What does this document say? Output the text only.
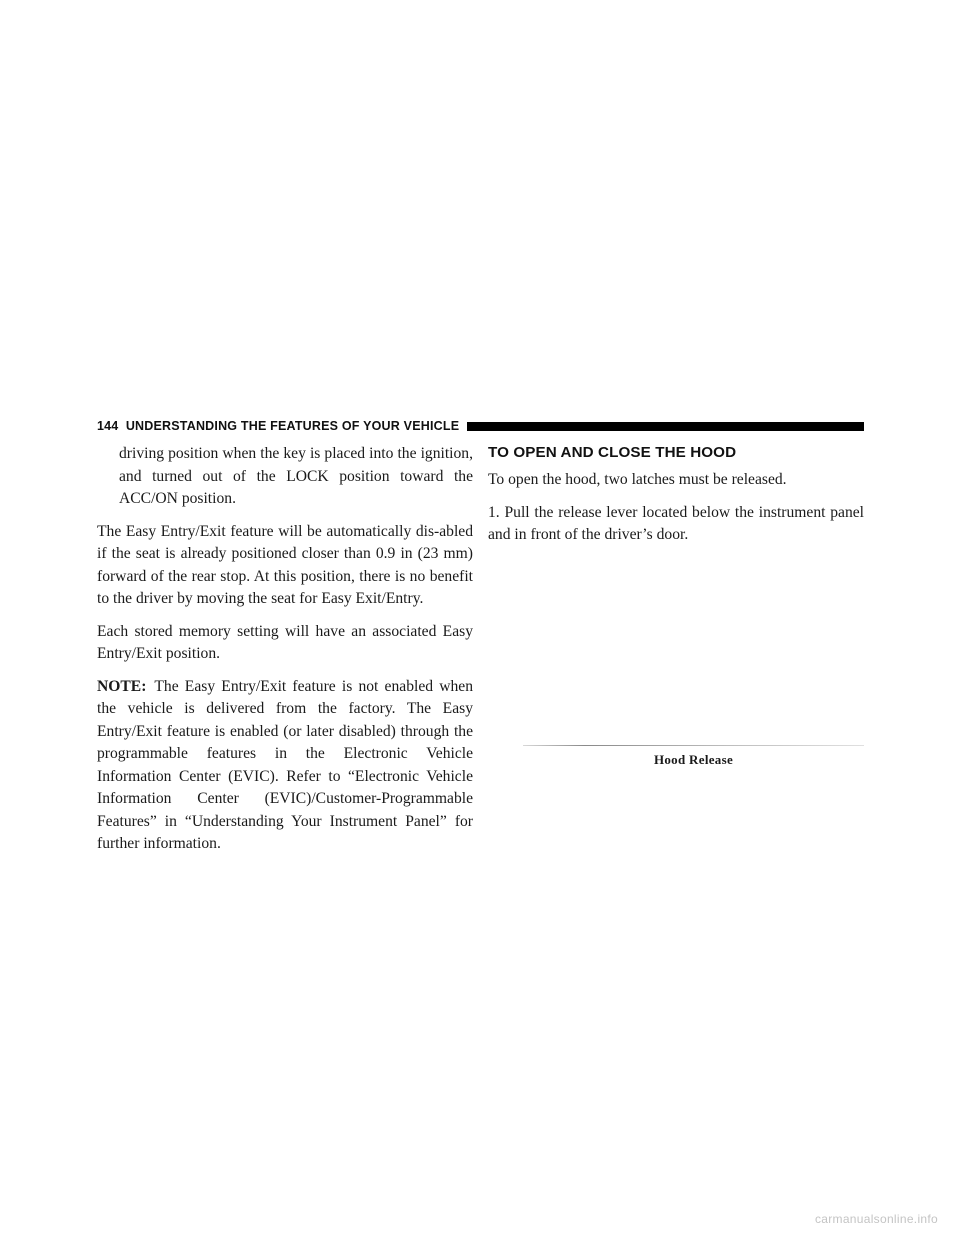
144 UNDERSTANDING THE FEATURES OF YOUR VEHICLE

driving position when the key is placed into the ignition, and turned out of the LOCK position toward the ACC/ON position.

The Easy Entry/Exit feature will be automatically dis-abled if the seat is already positioned closer than 0.9 in (23 mm) forward of the rear stop. At this position, there is no benefit to the driver by moving the seat for Easy Exit/Entry.

Each stored memory setting will have an associated Easy Entry/Exit position.

NOTE: The Easy Entry/Exit feature is not enabled when the vehicle is delivered from the factory. The Easy Entry/Exit feature is enabled (or later disabled) through the programmable features in the Electronic Vehicle Information Center (EVIC). Refer to “Electronic Vehicle Information Center (EVIC)/Customer-Programmable Features” in “Understanding Your Instrument Panel” for further information.

TO OPEN AND CLOSE THE HOOD

To open the hood, two latches must be released.

1. Pull the release lever located below the instrument panel and in front of the driver’s door.

Hood Release
carmanualsonline.info
